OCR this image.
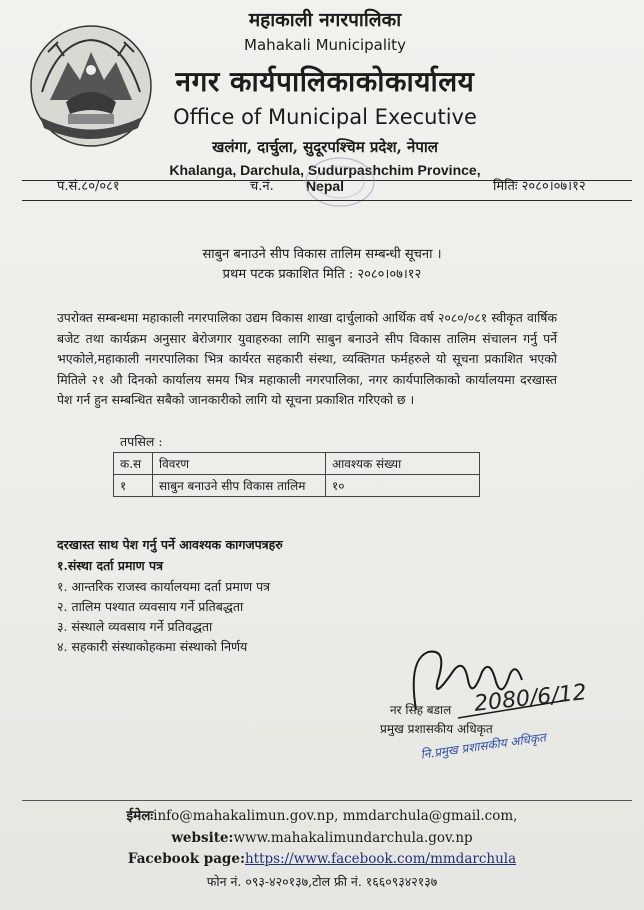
महाकाली नगरपालिका
Mahakali Municipality
नगर कार्यपालिकाकोकार्यालय
Office of Municipal Executive
खलंगा, दार्चुला, सुदूरपश्चिम प्रदेश, नेपाल
Khalanga, Darchula, Sudurpashchim Province, Nepal
प.सं.८०/०८१	च.नं.	मितिः २०८०।०७।१२
साबुन बनाउने सीप विकास तालिम सम्बन्धी सूचना ।
प्रथम पटक प्रकाशित मिति : २०८०।०७।१२
उपरोक्त सम्बन्धमा महाकाली नगरपालिका उद्यम विकास शाखा दार्चुलाको आर्थिक वर्ष २०८०/०८१ स्वीकृत वार्षिक बजेट तथा कार्यक्रम अनुसार बेरोजगार युवाहरुका लागि साबुन बनाउने सीप विकास तालिम संचालन गर्नु पर्ने भएकोले,महाकाली नगरपालिका भित्र कार्यरत सहकारी संस्था, व्यक्तिगत फर्महरुले यो सूचना प्रकाशित भएको मितिले २१ औ दिनको कार्यालय समय भित्र महाकाली नगरपालिका, नगर कार्यपालिकाको कार्यालयमा दरखास्त पेश गर्न हुन सम्बन्धित सबैको जानकारीको लागि यो सूचना प्रकाशित गरिएको छ ।
तपसिल :
क.स	विवरण	आवश्यक संख्या
१	साबुन बनाउने सीप विकास तालिम	१०
दरखास्त साथ पेश गर्नु पर्ने आवश्यक कागजपत्रहरु
१.संस्था दर्ता प्रमाण पत्र
१. आन्तरिक राजस्व कार्यालयमा दर्ता प्रमाण पत्र
२. तालिम पश्यात व्यवसाय गर्ने प्रतिबद्धता
३. संस्थाले व्यवसाय गर्ने प्रतिवद्धता
४. सहकारी संस्थाकोहकमा संस्थाको निर्णय
2080/6/12
नर सिंह बडाल
प्रमुख प्रशासकीय अधिकृत
नि.प्रमुख प्रशासकीय अधिकृत
ईमेलःinfo@mahakalimun.gov.np, mmdarchula@gmail.com,
website:www.mahakalimundarchula.gov.np
Facebook page:https://www.facebook.com/mmdarchula
फोन नं. ०९३-४२०१३७,टोल फ्री नं. १६६०९३४२१३७
